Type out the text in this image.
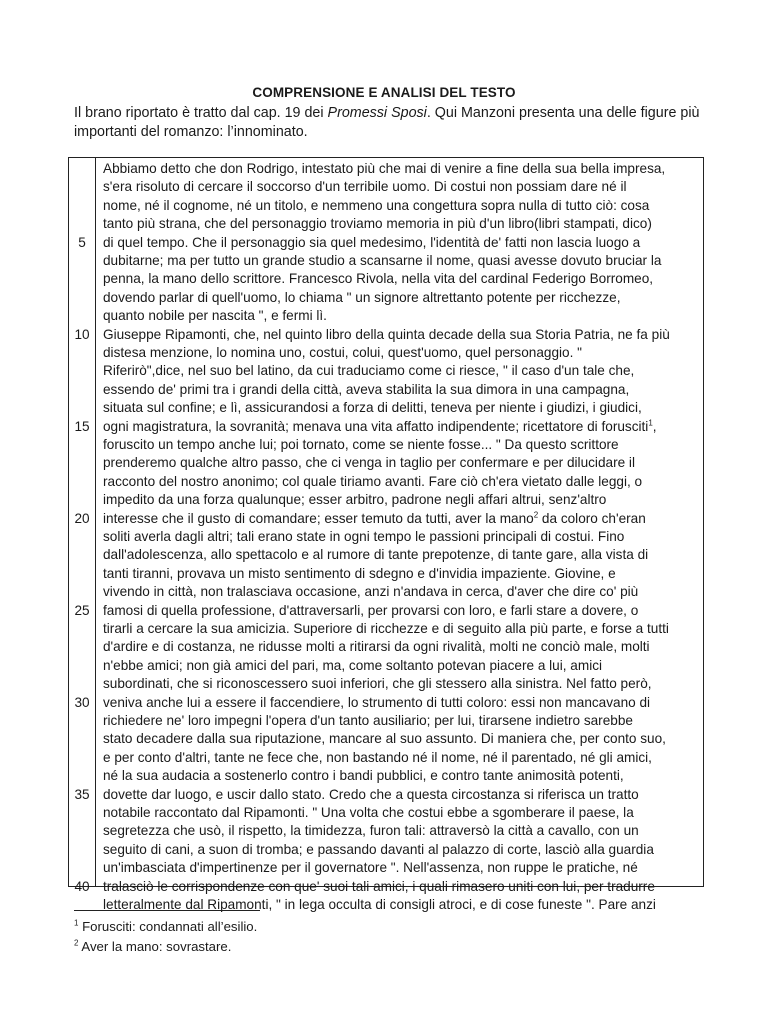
COMPRENSIONE E ANALISI DEL TESTO
Il brano riportato è tratto dal cap. 19 dei Promessi Sposi. Qui Manzoni presenta una delle figure più importanti del romanzo: l’innominato.
5
10
15
20
25
30
35
40
Abbiamo detto che don Rodrigo, intestato più che mai di venire a fine della sua bella impresa,
s'era risoluto di cercare il soccorso d'un terribile uomo. Di costui non possiam dare né il
nome, né il cognome, né un titolo, e nemmeno una congettura sopra nulla di tutto ciò: cosa
tanto più strana, che del personaggio troviamo memoria in più d'un libro(libri stampati, dico)
di quel tempo. Che il personaggio sia quel medesimo, l'identità de' fatti non lascia luogo a
dubitarne; ma per tutto un grande studio a scansarne il nome, quasi avesse dovuto bruciar la
penna, la mano dello scrittore. Francesco Rivola, nella vita del cardinal Federigo Borromeo,
dovendo parlar di quell'uomo, lo chiama " un signore altrettanto potente per ricchezze,
quanto nobile per nascita ", e fermi lì.
Giuseppe Ripamonti, che, nel quinto libro della quinta decade della sua Storia Patria, ne fa più
distesa menzione, lo nomina uno, costui, colui, quest'uomo, quel personaggio. "
Riferirò",dice, nel suo bel latino, da cui traduciamo come ci riesce, " il caso d'un tale che,
essendo de' primi tra i grandi della città, aveva stabilita la sua dimora in una campagna,
situata sul confine; e lì, assicurandosi a forza di delitti, teneva per niente i giudizi, i giudici,
ogni magistratura, la sovranità; menava una vita affatto indipendente; ricettatore di forusciti$^1$,
foruscito un tempo anche lui; poi tornato, come se niente fosse... " Da questo scrittore
prenderemo qualche altro passo, che ci venga in taglio per confermare e per dilucidare il
racconto del nostro anonimo; col quale tiriamo avanti. Fare ciò ch'era vietato dalle leggi, o
impedito da una forza qualunque; esser arbitro, padrone negli affari altrui, senz'altro
interesse che il gusto di comandare; esser temuto da tutti, aver la mano$^2$ da coloro ch'eran
soliti averla dagli altri; tali erano state in ogni tempo le passioni principali di costui. Fino
dall'adolescenza, allo spettacolo e al rumore di tante prepotenze, di tante gare, alla vista di
tanti tiranni, provava un misto sentimento di sdegno e d'invidia impaziente. Giovine, e
vivendo in città, non tralasciava occasione, anzi n'andava in cerca, d'aver che dire co' più
famosi di quella professione, d'attraversarli, per provarsi con loro, e farli stare a dovere, o
tirarli a cercare la sua amicizia. Superiore di ricchezze e di seguito alla più parte, e forse a tutti
d'ardire e di costanza, ne ridusse molti a ritirarsi da ogni rivalità, molti ne conciò male, molti
n'ebbe amici; non già amici del pari, ma, come soltanto potevan piacere a lui, amici
subordinati, che si riconoscessero suoi inferiori, che gli stessero alla sinistra. Nel fatto però,
veniva anche lui a essere il faccendiere, lo strumento di tutti coloro: essi non mancavano di
richiedere ne' loro impegni l'opera d'un tanto ausiliario; per lui, tirarsene indietro sarebbe
stato decadere dalla sua riputazione, mancare al suo assunto. Di maniera che, per conto suo,
e per conto d'altri, tante ne fece che, non bastando né il nome, né il parentado, né gli amici,
né la sua audacia a sostenerlo contro i bandi pubblici, e contro tante animosità potenti,
dovette dar luogo, e uscir dallo stato. Credo che a questa circostanza si riferisca un tratto
notabile raccontato dal Ripamonti. " Una volta che costui ebbe a sgomberare il paese, la
segretezza che usò, il rispetto, la timidezza, furon tali: attraversò la città a cavallo, con un
seguito di cani, a suon di tromba; e passando davanti al palazzo di corte, lasciò alla guardia
un'imbasciata d'impertinenze per il governatore ". Nell'assenza, non ruppe le pratiche, né
tralasciò le corrispondenze con que' suoi tali amici, i quali rimasero uniti con lui, per tradurre
letteralmente dal Ripamonti, " in lega occulta di consigli atroci, e di cose funeste ". Pare anzi
$^1$ Forusciti: condannati all’esilio.
$^2$ Aver la mano: sovrastare.
